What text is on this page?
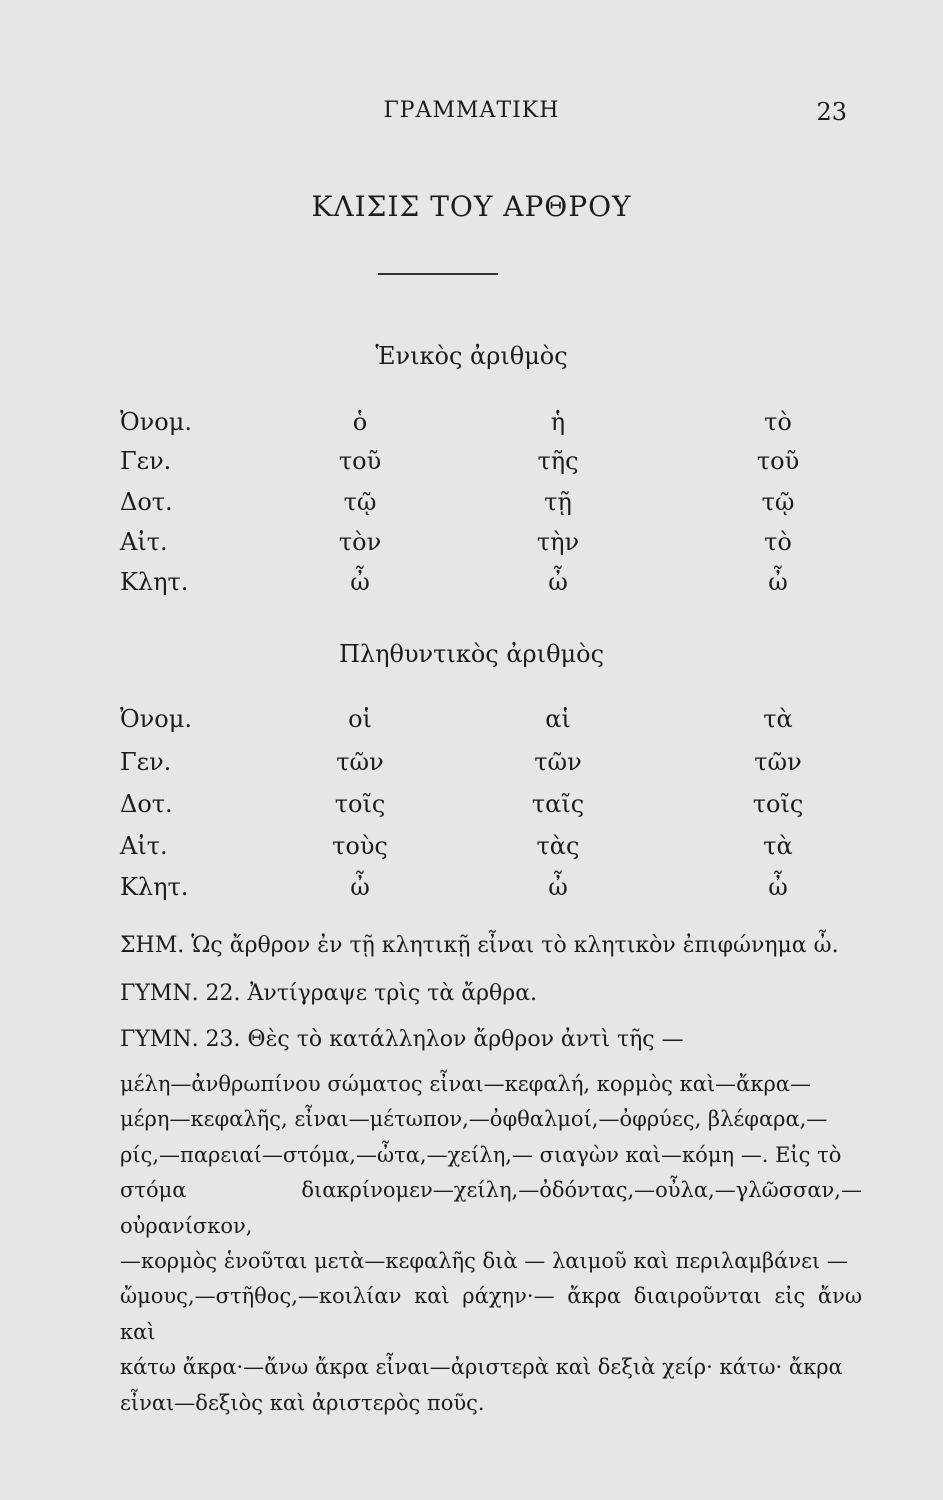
ΓΡΑΜΜΑΤΙΚΗ	23
ΚΛΙΣΙΣ ΤΟΥ ΑΡΘΡΟΥ
Ἑνικὸς ἀριθμὸς
Ὀνομ.	ὁ	ἡ	τὸ
Γεν.	τοῦ	τῆς	τοῦ
Δοτ.	τῷ	τῇ	τῷ
Αἰτ.	τὸν	τὴν	τὸ
Κλητ.	ὦ	ὦ	ὦ
Πληθυντικὸς ἀριθμὸς
Ὀνομ.	οἱ	αἱ	τὰ
Γεν.	τῶν	τῶν	τῶν
Δοτ.	τοῖς	ταῖς	τοῖς
Αἰτ.	τοὺς	τὰς	τὰ
Κλητ.	ὦ	ὦ	ὦ
ΣΗΜ. Ὡς ἄρθρον ἐν τῇ κλητικῇ εἶναι τὸ κλητικὸν ἐπιφώνημα ὦ.
ΓΥΜΝ. 22. Ἀντίγραψε τρὶς τὰ ἄρθρα.
ΓΥΜΝ. 23. Θὲς τὸ κατάλληλον ἄρθρον ἀντὶ τῆς —
μέλη—ἀνθρωπίνου σώματος εἶναι—κεφαλή, κορμὸς καὶ—ἄκρα—
μέρη—κεφαλῆς, εἶναι—μέτωπον,—ὀφθαλμοί,—ὀφρύες, βλέφαρα,—
ρίς,—παρειαί—στόμα,—ὦτα,—χείλη,— σιαγὼν καὶ—κόμη —. Εἰς τὸ
στόμα διακρίνομεν—χείλη,—ὀδόντας,—οὖλα,—γλῶσσαν,—οὐρανίσκον,
—κορμὸς ἑνοῦται μετὰ—κεφαλῆς διὰ — λαιμοῦ καὶ περιλαμβάνει —
ὤμους,—στῆθος,—κοιλίαν καὶ ράχην·— ἄκρα διαιροῦνται εἰς ἄνω καὶ
κάτω ἄκρα·—ἄνω ἄκρα εἶναι—ἀριστερὰ καὶ δεξιὰ χείρ· κάτω· ἄκρα
εἶναι—δεξιὸς καὶ ἀριστερὸς ποῦς.
